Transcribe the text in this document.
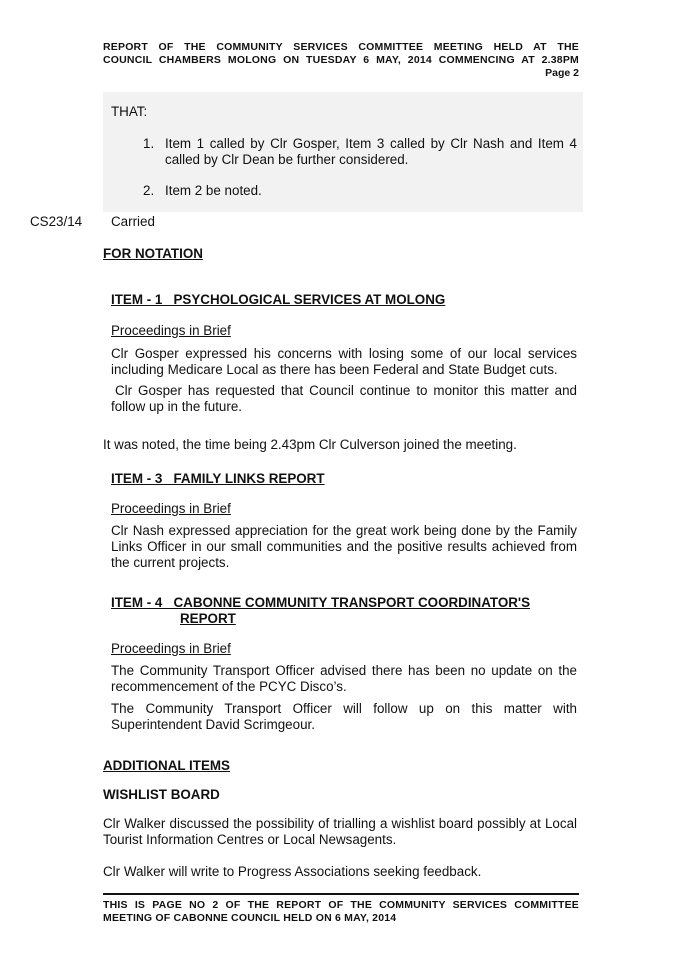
REPORT OF THE COMMUNITY SERVICES COMMITTEE MEETING HELD AT THE
COUNCIL CHAMBERS MOLONG ON TUESDAY 6 MAY, 2014 COMMENCING AT 2.38PM
Page 2
THAT:
1. Item 1 called by Clr Gosper, Item 3 called by Clr Nash and Item 4 called by Clr Dean be further considered.
2. Item 2 be noted.
CS23/14 Carried
FOR NOTATION
ITEM - 1   PSYCHOLOGICAL SERVICES AT MOLONG
Proceedings in Brief
Clr Gosper expressed his concerns with losing some of our local services including Medicare Local as there has been Federal and State Budget cuts.
Clr Gosper has requested that Council continue to monitor this matter and follow up in the future.
It was noted, the time being 2.43pm Clr Culverson joined the meeting.
ITEM - 3   FAMILY LINKS REPORT
Proceedings in Brief
Clr Nash expressed appreciation for the great work being done by the Family Links Officer in our small communities and the positive results achieved from the current projects.
ITEM - 4   CABONNE COMMUNITY TRANSPORT COORDINATOR'S
REPORT
Proceedings in Brief
The Community Transport Officer advised there has been no update on the recommencement of the PCYC Disco’s.
The Community Transport Officer will follow up on this matter with Superintendent David Scrimgeour.
ADDITIONAL ITEMS
WISHLIST BOARD
Clr Walker discussed the possibility of trialling a wishlist board possibly at Local Tourist Information Centres or Local Newsagents.
Clr Walker will write to Progress Associations seeking feedback.
THIS IS PAGE NO 2 OF THE REPORT OF THE COMMUNITY SERVICES COMMITTEE
MEETING OF CABONNE COUNCIL HELD ON 6 MAY, 2014
